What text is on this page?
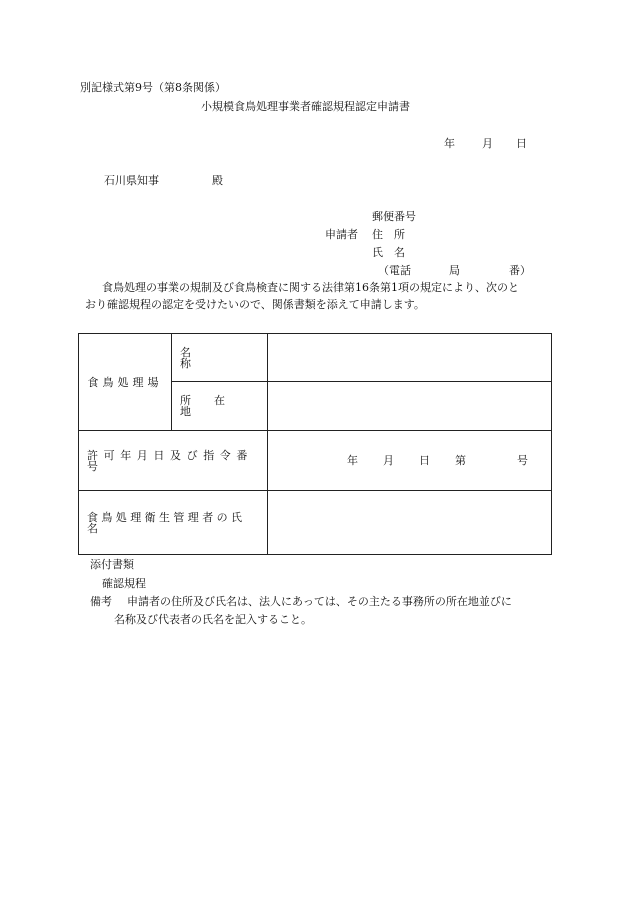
別記様式第9号（第8条関係）
小規模食鳥処理事業者確認規程認定申請書
年 月 日
石川県知事	殿
郵便番号
申請者 住　所
氏　名
（電話	局	番）
食鳥処理の事業の規制及び食鳥検査に関する法律第16条第1項の規定により、次のと
おり確認規程の認定を受けたいので、関係書類を添えて申請します。
食鳥処理場	名称	

	所在地	

許可年月日及び指令番号		年 月 日 第 号

食鳥処理衛生管理者の氏名		

添付書類
確認規程
備考 申請者の住所及び氏名は、法人にあっては、その主たる事務所の所在地並びに
名称及び代表者の氏名を記入すること。
